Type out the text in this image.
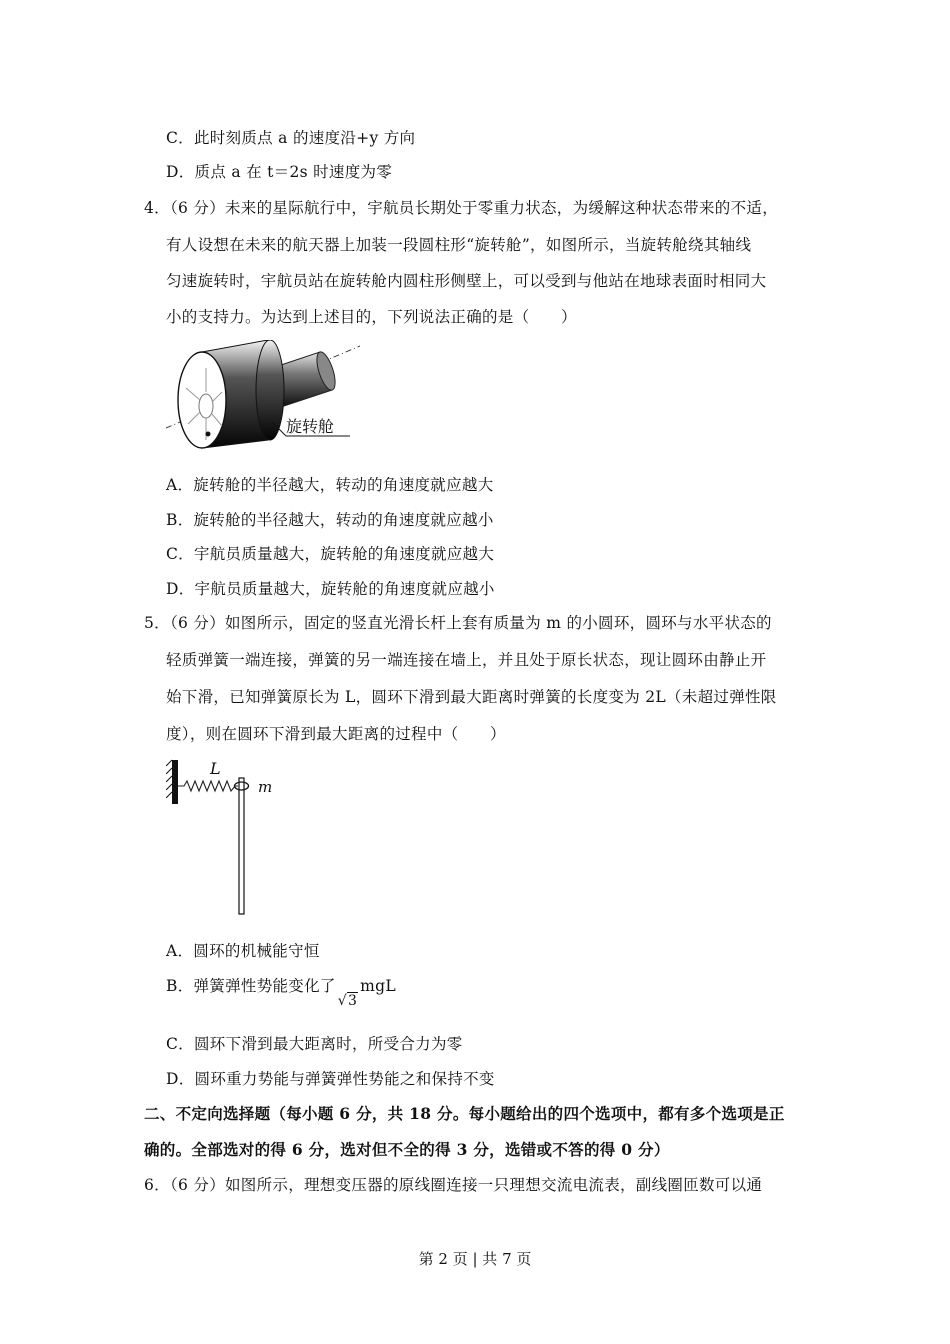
C．此时刻质点 a 的速度沿+y 方向
D．质点 a 在 t＝2s 时速度为零
4．（6 分）未来的星际航行中，宇航员长期处于零重力状态，为缓解这种状态带来的不适，
有人设想在未来的航天器上加装一段圆柱形“旋转舱”，如图所示，当旋转舱绕其轴线
匀速旋转时，宇航员站在旋转舱内圆柱形侧壁上，可以受到与他站在地球表面时相同大
小的支持力。为达到上述目的，下列说法正确的是（　　）
旋转舱
A．旋转舱的半径越大，转动的角速度就应越大
B．旋转舱的半径越大，转动的角速度就应越小
C．宇航员质量越大，旋转舱的角速度就应越大
D．宇航员质量越大，旋转舱的角速度就应越小
5．（6 分）如图所示，固定的竖直光滑长杆上套有质量为 m 的小圆环，圆环与水平状态的
轻质弹簧一端连接，弹簧的另一端连接在墙上，并且处于原长状态，现让圆环由静止开
始下滑，已知弹簧原长为 L，圆环下滑到最大距离时弹簧的长度变为 2L（未超过弹性限
度），则在圆环下滑到最大距离的过程中（　　）
L
m
A．圆环的机械能守恒
B．弹簧弹性势能变化了√3mgL
C．圆环下滑到最大距离时，所受合力为零
D．圆环重力势能与弹簧弹性势能之和保持不变
二、不定向选择题（每小题 6 分，共 18 分。每小题给出的四个选项中，都有多个选项是正
确的。全部选对的得 6 分，选对但不全的得 3 分，选错或不答的得 0 分）
6．（6 分）如图所示，理想变压器的原线圈连接一只理想交流电流表，副线圈匝数可以通
第 2 页 | 共 7 页
